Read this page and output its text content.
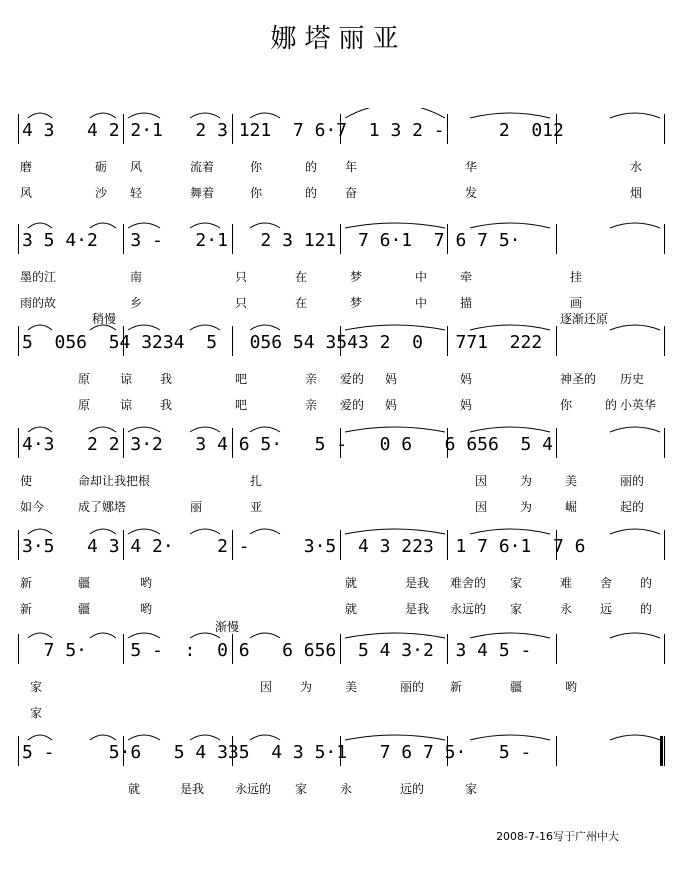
娜塔丽亚
4 3   4 2 2·1   2 3 121  7 6·7  1 3 2 -     2  012
磨	砺 风	流着	你	的 年	华	水
风	沙 轻	舞着	你	的 奋	发	烟
3 5 4·2   3 -   2·1   2 3 121  7 6·1  7 6 7 5·
墨的江	南	只	在	梦	中	牵	挂
雨的故	乡	只	在	梦	中	描	画
5  056  54 3234  5   056 54 3543 2  0   771  222
稍慢	逐渐还原
原 谅 我	吧	亲 爱的 妈	妈	神圣的 历史
原 谅 我	吧	亲 爱的 妈	妈	你	的 小英华
4·3   2 2 3·2   3 4 6 5·   5 -   0 6   6 656  5 4
使	命却让我把根	扎	因	为	美	丽的
如今	成了娜塔	丽	亚	因	为	崛	起的
3·5   4 3 4 2·    2 -     3·5  4 3 223  1 7 6·1  7 6
新	疆	哟	就	是我 难舍的 家	难 舍 的
新	疆	哟	就	是我 永远的 家	永 远 的
7 5·    5 -  :  0 6   6 656  5 4 3·2  3 4 5 -
渐慢
家	因 为	美	丽的 新	疆	哟
家
5 -     5·6   5 4 335  4 3 5·1   7 6 7 5·   5 -
就	是我	永远的 家	永	远的	家
2008-7-16写于广州中大
